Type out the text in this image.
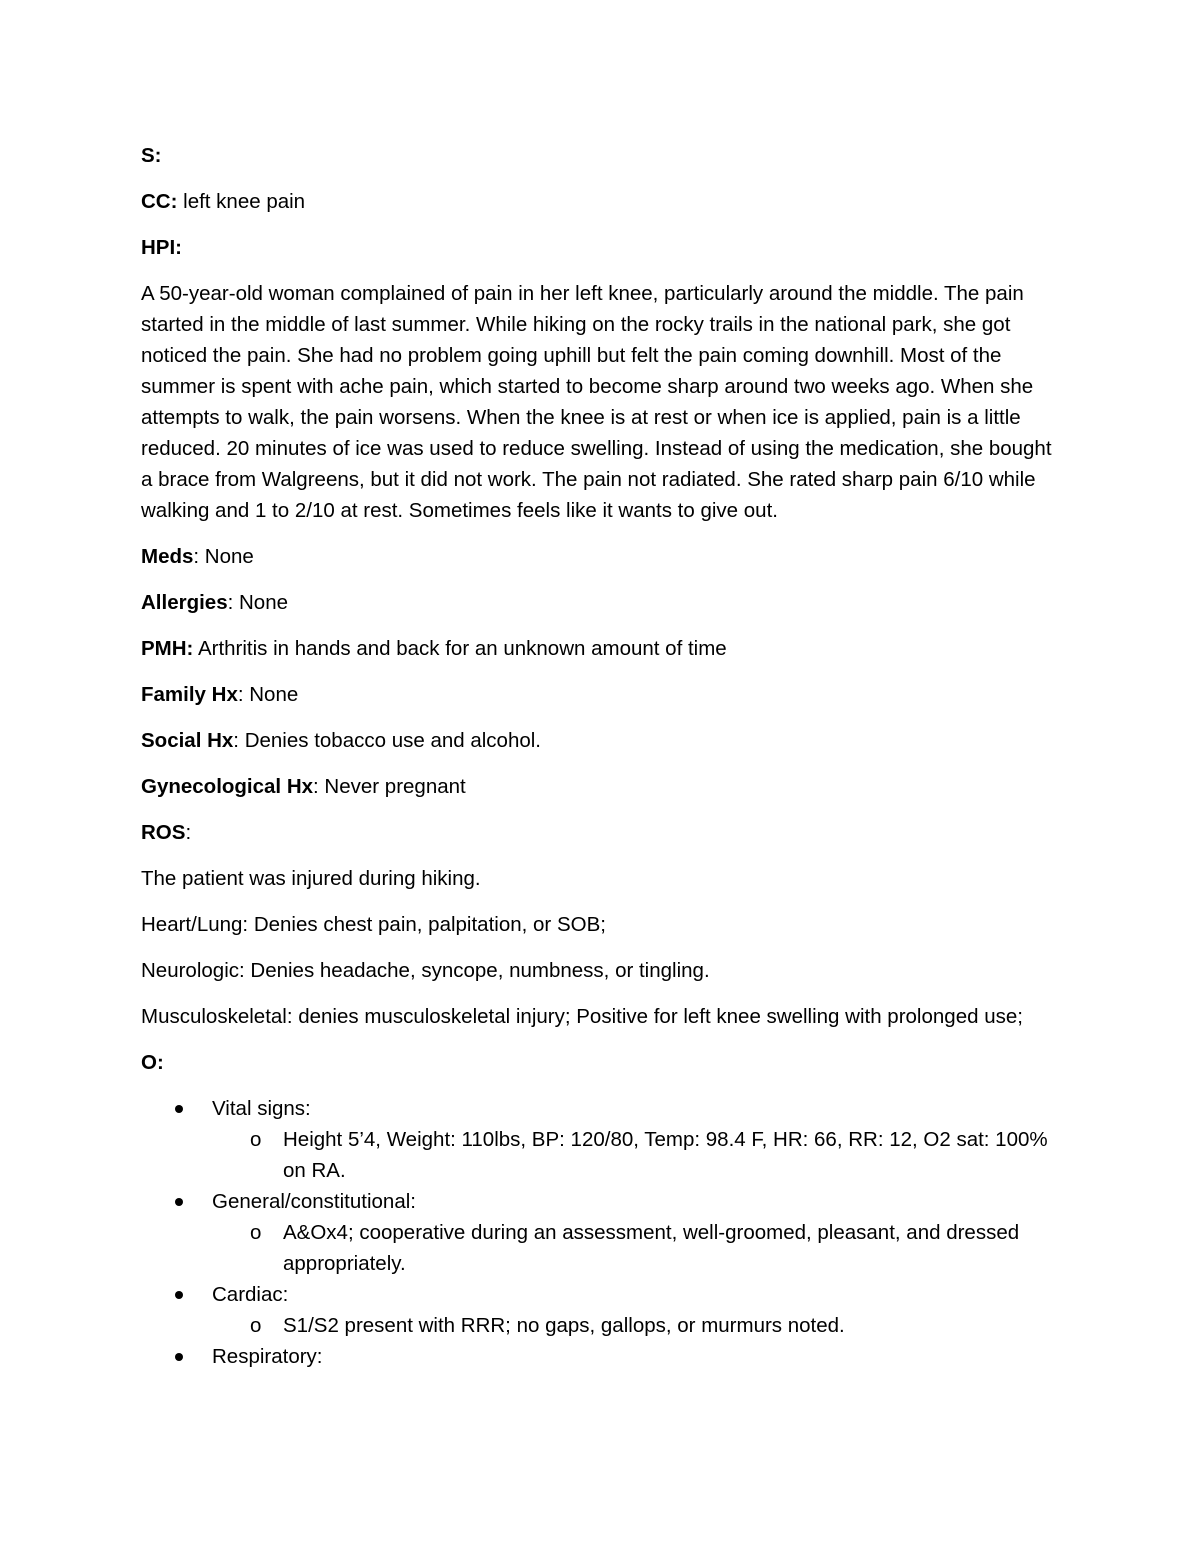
S:

CC: left knee pain

HPI:

A 50-year-old woman complained of pain in her left knee, particularly around the middle. The pain started in the middle of last summer. While hiking on the rocky trails in the national park, she got noticed the pain. She had no problem going uphill but felt the pain coming downhill. Most of the summer is spent with ache pain, which started to become sharp around two weeks ago. When she attempts to walk, the pain worsens. When the knee is at rest or when ice is applied, pain is a little reduced. 20 minutes of ice was used to reduce swelling. Instead of using the medication, she bought a brace from Walgreens, but it did not work. The pain not radiated. She rated sharp pain 6/10 while walking and 1 to 2/10 at rest. Sometimes feels like it wants to give out.

Meds: None

Allergies: None

PMH: Arthritis in hands and back for an unknown amount of time

Family Hx: None

Social Hx: Denies tobacco use and alcohol.

Gynecological Hx: Never pregnant

ROS:

The patient was injured during hiking.

Heart/Lung: Denies chest pain, palpitation, or SOB;

Neurologic: Denies headache, syncope, numbness, or tingling.

Musculoskeletal: denies musculoskeletal injury; Positive for left knee swelling with prolonged use;

O:

Vital signs:
o Height 5’4, Weight: 110lbs, BP: 120/80, Temp: 98.4 F, HR: 66, RR: 12, O2 sat: 100% on RA.
General/constitutional:
o A&Ox4; cooperative during an assessment, well-groomed, pleasant, and dressed appropriately.
Cardiac:
o S1/S2 present with RRR; no gaps, gallops, or murmurs noted.
Respiratory:
